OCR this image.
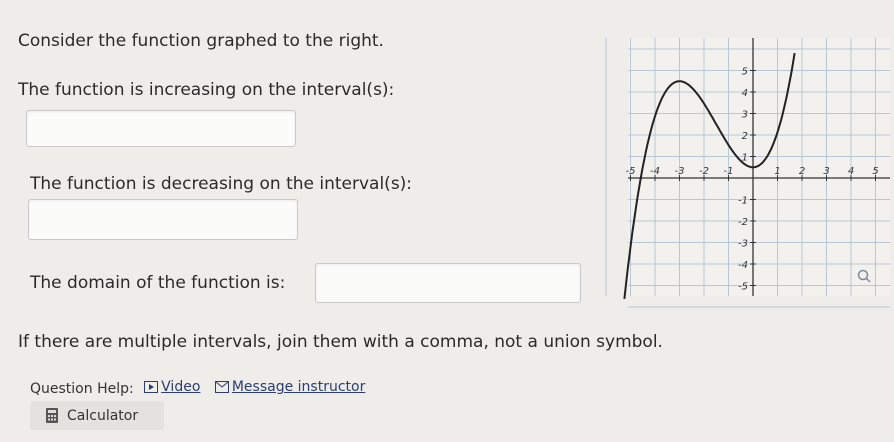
Consider the function graphed to the right.
The function is increasing on the interval(s):
The function is decreasing on the interval(s):
The domain of the function is:
If there are multiple intervals, join them with a comma, not a union symbol.
Question Help: Video
Message instructor
Calculator
-5 -4 -3 -2 -1	1 2 3 4 5
5
4
3
2
1
-1
-2
-3
-4
-5
